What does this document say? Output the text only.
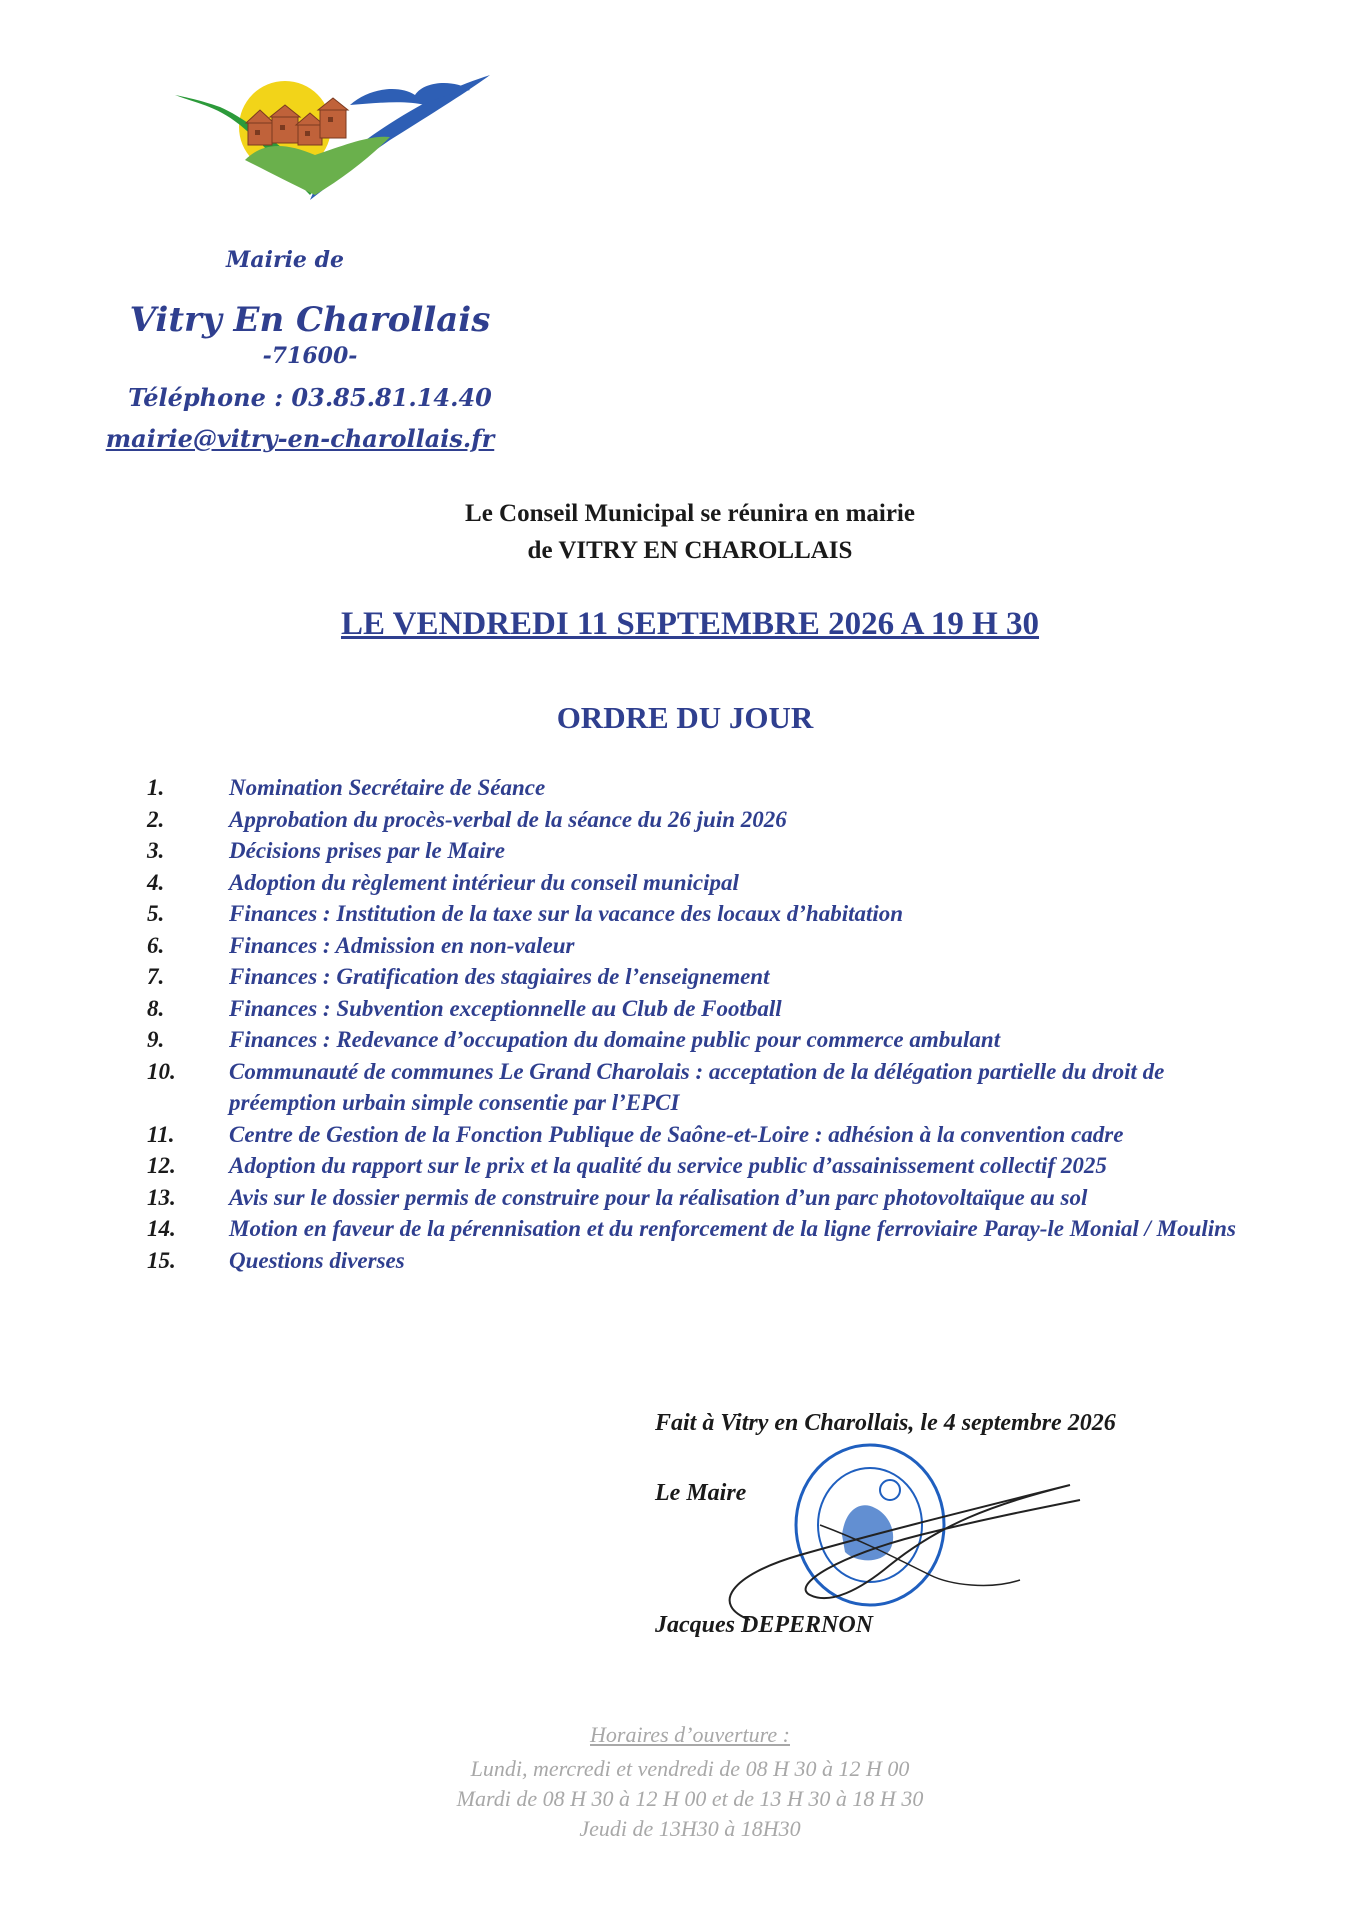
Mairie de
Vitry En Charollais
-71600-
Téléphone : 03.85.81.14.40
mairie@vitry-en-charollais.fr
Le Conseil Municipal se réunira en mairie
de VITRY EN CHAROLLAIS
LE VENDREDI 11 SEPTEMBRE 2026 A 19 H 30
ORDRE DU JOUR
1.	Nomination Secrétaire de Séance
2.	Approbation du procès-verbal de la séance du 26 juin 2026
3.	Décisions prises par le Maire
4.	Adoption du règlement intérieur du conseil municipal
5.	Finances : Institution de la taxe sur la vacance des locaux d’habitation
6.	Finances : Admission en non-valeur
7.	Finances : Gratification des stagiaires de l’enseignement
8.	Finances : Subvention exceptionnelle au Club de Football
9.	Finances : Redevance d’occupation du domaine public pour commerce ambulant
10.	Communauté de communes Le Grand Charolais : acceptation de la délégation partielle du droit de préemption urbain simple consentie par l’EPCI
11.	Centre de Gestion de la Fonction Publique de Saône-et-Loire : adhésion à la convention cadre
12.	Adoption du rapport sur le prix et la qualité du service public d’assainissement collectif 2025
13.	Avis sur le dossier permis de construire pour la réalisation d’un parc photovoltaïque au sol
14.	Motion en faveur de la pérennisation et du renforcement de la ligne ferroviaire Paray-le Monial / Moulins
15.	Questions diverses
Fait à Vitry en Charollais, le 4 septembre 2026
Le Maire
Jacques DEPERNON
Horaires d’ouverture :
Lundi, mercredi et vendredi de 08 H 30 à 12 H 00
Mardi de 08 H 30 à 12 H 00 et de 13 H 30 à 18 H 30
Jeudi de 13H30 à 18H30
